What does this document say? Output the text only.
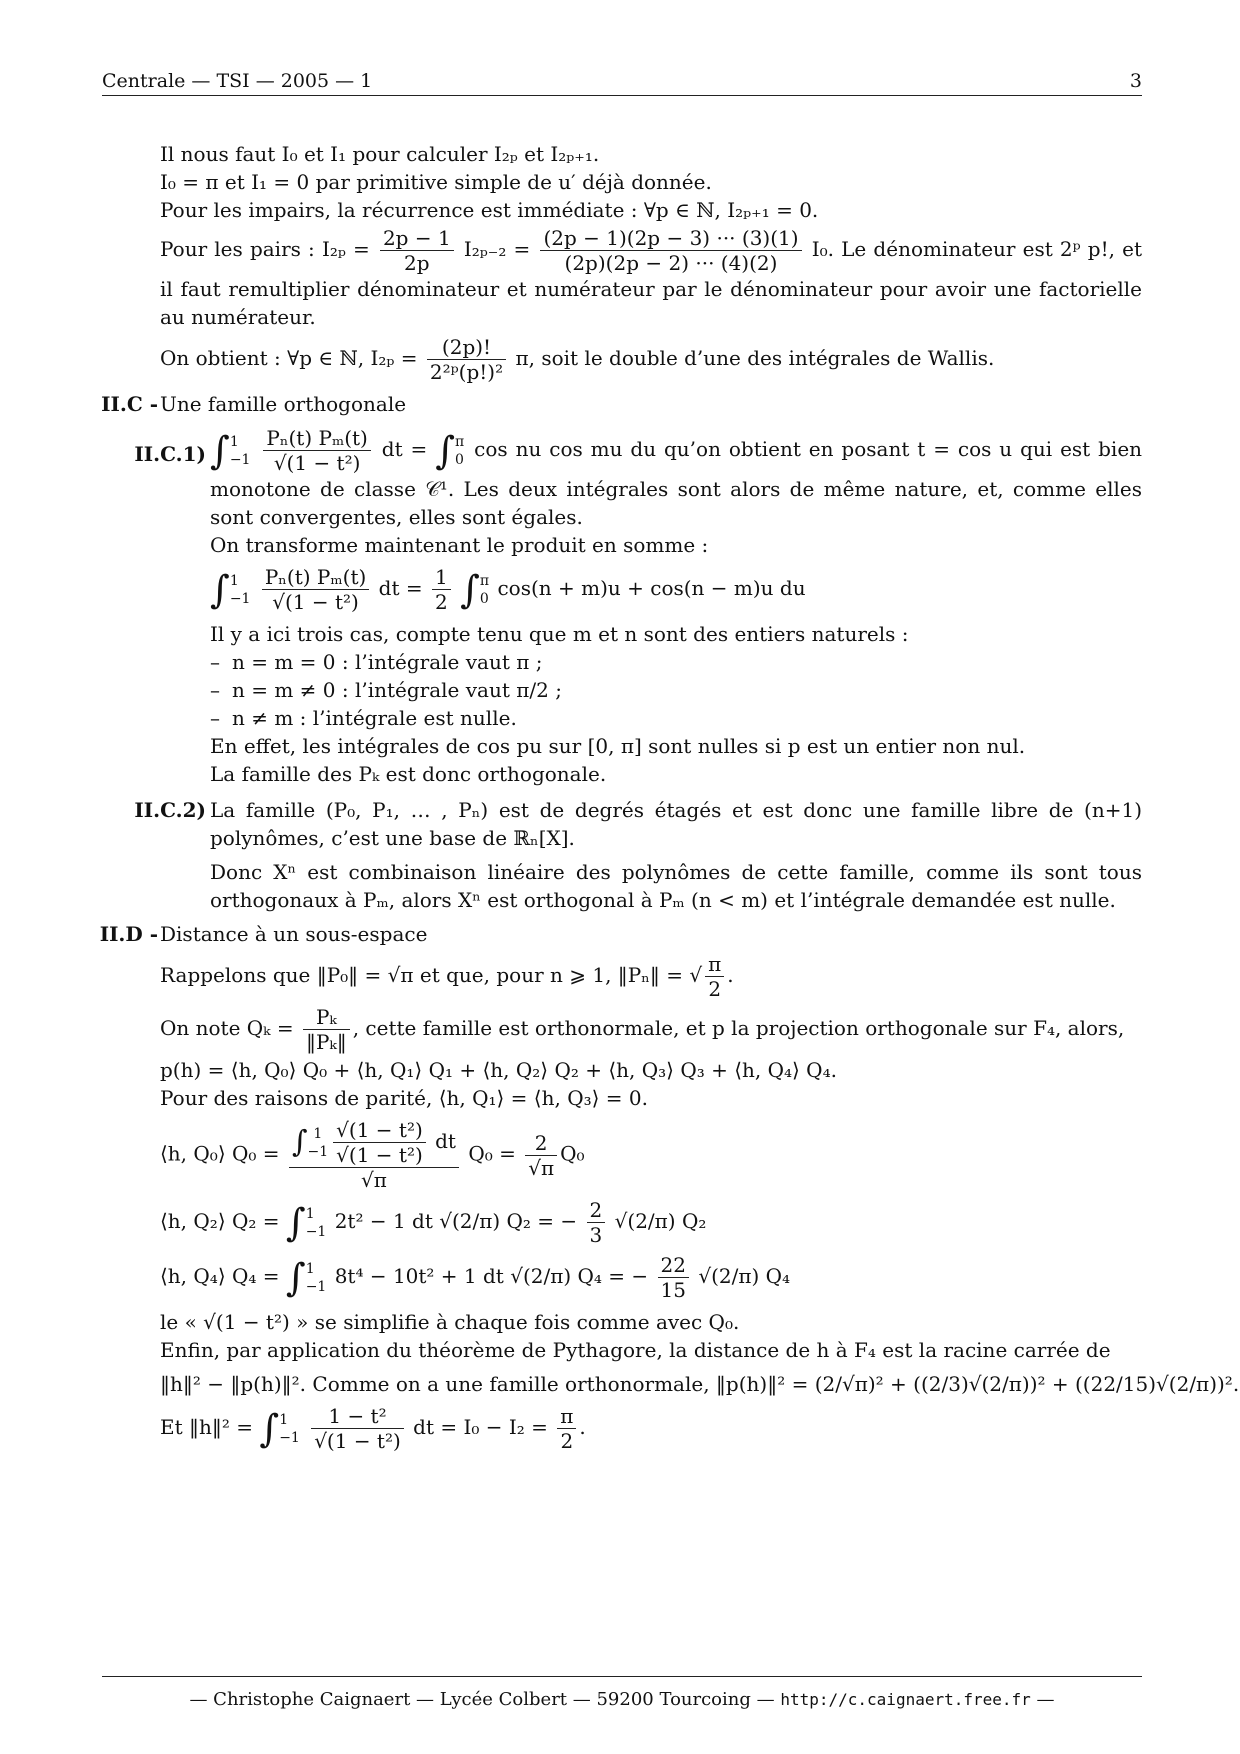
Centrale — TSI — 2005 — 1	3

Il nous faut I₀ et I₁ pour calculer I₂ₚ et I₂ₚ₊₁.

I₀ = π et I₁ = 0 par primitive simple de u′ déjà donnée.

Pour les impairs, la récurrence est immédiate : ∀p ∈ ℕ, I₂ₚ₊₁ = 0.

Pour les pairs : $I_{2p} = \frac{2p - 1}{2p} I_{2p-2} = \frac{(2p - 1)(2p - 3) \cdot\cdot\cdot (3)(1)}{(2p)(2p - 2) \cdot\cdot\cdot (4)(2)} I_0$. Le dénominateur est 2ᵖ p!, et il faut remultiplier dénominateur et numérateur par le dénominateur pour avoir une factorielle au numérateur.

On obtient : ∀p ∈ ℕ, $I_{2p} = \frac{(2p)!}{\text{2²ᵖ(p!)²}} \pi$, soit le double d’une des intégrales de Wallis.

II.C - Une famille orthogonale
II.C.1) ∫1
$-1 \frac{\text{Pₙ(t) Pₘ(t)}}{\text{√(1 − t²)}}$ dt = ∫π
0 cos nu cos mu du qu’on obtient en posant t = cos u qui est bien monotone de classe 𝒞¹. Les deux intégrales sont alors de même nature, et, comme elles sont convergentes, elles sont égales.

On transforme maintenant le produit en somme :

∫1
$-1 \frac{\text{Pₙ(t) Pₘ(t)}}{\text{√(1 − t²)}}$ dt = $\frac{1}{2} \int\pi$
0 cos(n + m)u + cos(n − m)u du

Il y a ici trois cas, compte tenu que m et n sont des entiers naturels :

– n = m = 0 : l’intégrale vaut π ;

– n = m ≠ 0 : l’intégrale vaut π/2 ;

– n ≠ m : l’intégrale est nulle.

En effet, les intégrales de cos pu sur [0, π] sont nulles si p est un entier non nul.

La famille des Pₖ est donc orthogonale.

II.C.2) La famille (P₀, P₁, … , Pₙ) est de degrés étagés et est donc une famille libre de (n+1) polynômes, c’est une base de ℝₙ[X].

Donc Xⁿ est combinaison linéaire des polynômes de cette famille, comme ils sont tous orthogonaux à Pₘ, alors Xⁿ est orthogonal à Pₘ (n < m) et l’intégrale demandée est nulle.

II.D - Distance à un sous-espace

Rappelons que ‖P₀‖ = √π et que, pour n ⩾ 1, ‖Pₙ‖ = √ $\frac{\pi}{2}$ .

On note $Q_k = \frac{\text{Pₖ}}{\text{‖Pₖ‖}}$ , cette famille est orthonormale, et p la projection orthogonale sur F₄, alors,

p(h) = ⟨h, Q₀⟩ Q₀ + ⟨h, Q₁⟩ Q₁ + ⟨h, Q₂⟩ Q₂ + ⟨h, Q₃⟩ Q₃ + ⟨h, Q₄⟩ Q₄.

Pour des raisons de parité, ⟨h, Q₁⟩ = ⟨h, Q₃⟩ = 0.

⟨h, Q₀⟩ Q₀ = ∫ 1
$-1 \frac{\text{√(1 − t²)}}{\text{√(1 − t²)}}$ dt
√π
$Q_0 = \frac{2}{√\pi} Q_0$

⟨h, Q₂⟩ Q₂ = ∫1
−1 2t² − 1 dt √(2/π) Q₂ = − $\frac{2}{3} √(2/\pi)$ Q₂

⟨h, Q₄⟩ Q₄ = ∫1
−1 8t⁴ − 10t² + 1 dt √(2/π) Q₄ = − $\frac{22}{15} √(2/\pi)$ Q₄

le « √(1 − t²) » se simplifie à chaque fois comme avec Q₀.

Enfin, par application du théorème de Pythagore, la distance de h à F₄ est la racine carrée de

‖h‖² − ‖p(h)‖². Comme on a une famille orthonormale, ‖p(h)‖² = (2/√π)² + ((2/3)√(2/π))² + ((22/15)√(2/π))².

Et ‖h‖² = ∫1
$-1 \frac{\text{1 − t²}}{\text{√(1 − t²)}}$ dt = $I_0 - I_2 = \frac{\pi}{2}$ .

— Christophe Caignaert — Lycée Colbert — 59200 Tourcoing — http://c.caignaert.free.fr —
